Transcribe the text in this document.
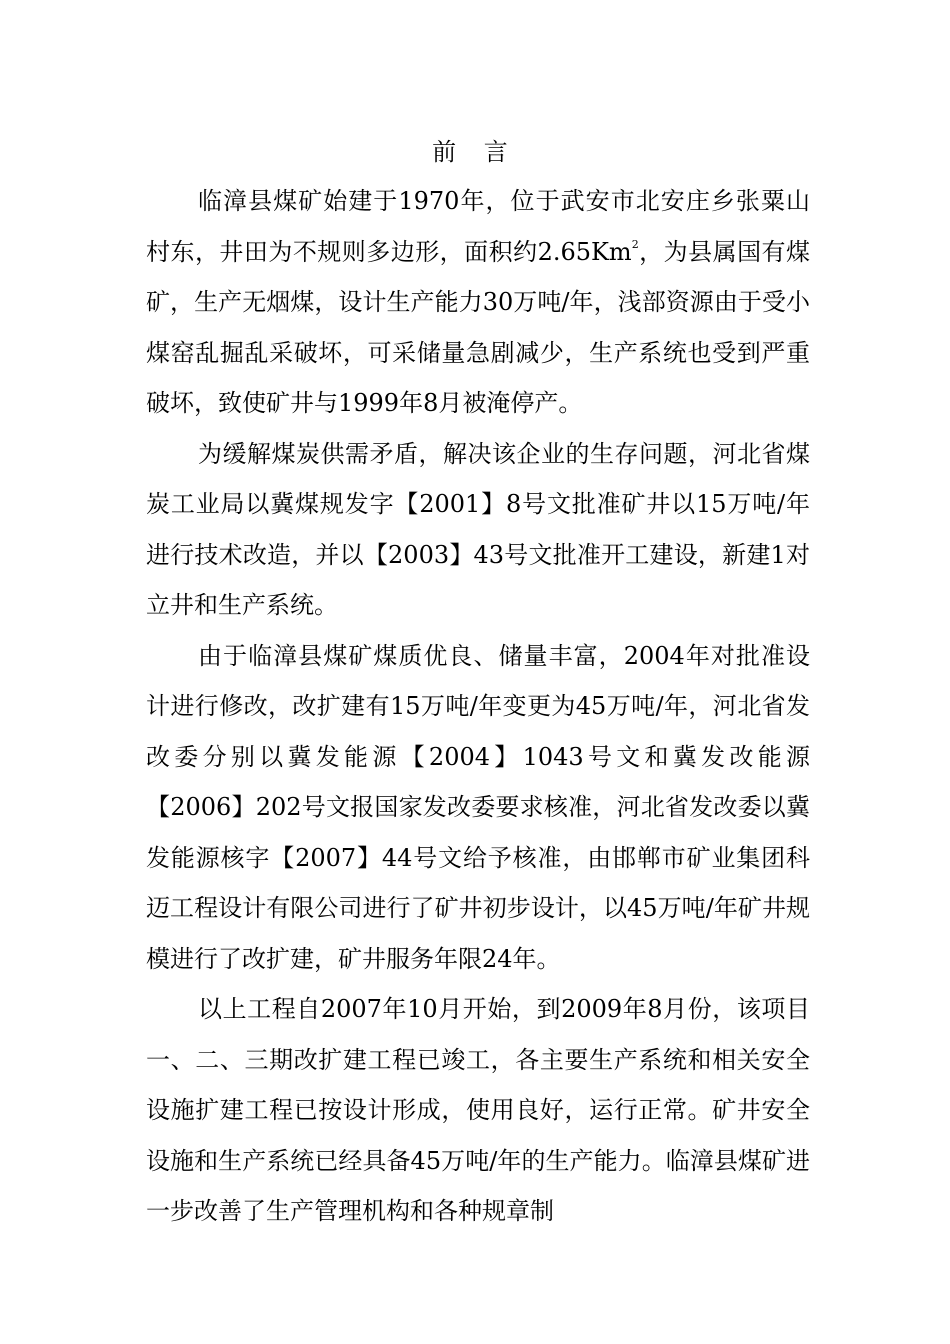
前 言

临漳县煤矿始建于1970年，位于武安市北安庄乡张粟山村东，井田为不规则多边形，面积约2.65Km$^2$，为县属国有煤矿，生产无烟煤，设计生产能力30万吨/年，浅部资源由于受小煤窑乱掘乱采破坏，可采储量急剧减少，生产系统也受到严重破坏，致使矿井与1999年8月被淹停产。

为缓解煤炭供需矛盾，解决该企业的生存问题，河北省煤炭工业局以冀煤规发字【2001】8号文批准矿井以15万吨/年进行技术改造，并以【2003】43号文批准开工建设，新建1对立井和生产系统。

由于临漳县煤矿煤质优良、储量丰富，2004年对批准设计进行修改，改扩建有15万吨/年变更为45万吨/年，河北省发改委分别以冀发能源【2004】1043号文和冀发改能源【2006】202号文报国家发改委要求核准，河北省发改委以冀发能源核字【2007】44号文给予核准，由邯郸市矿业集团科迈工程设计有限公司进行了矿井初步设计，以45万吨/年矿井规模进行了改扩建，矿井服务年限24年。

以上工程自2007年10月开始，到2009年8月份，该项目一、二、三期改扩建工程已竣工，各主要生产系统和相关安全设施扩建工程已按设计形成，使用良好，运行正常。矿井安全设施和生产系统已经具备45万吨/年的生产能力。临漳县煤矿进一步改善了生产管理机构和各种规章制
